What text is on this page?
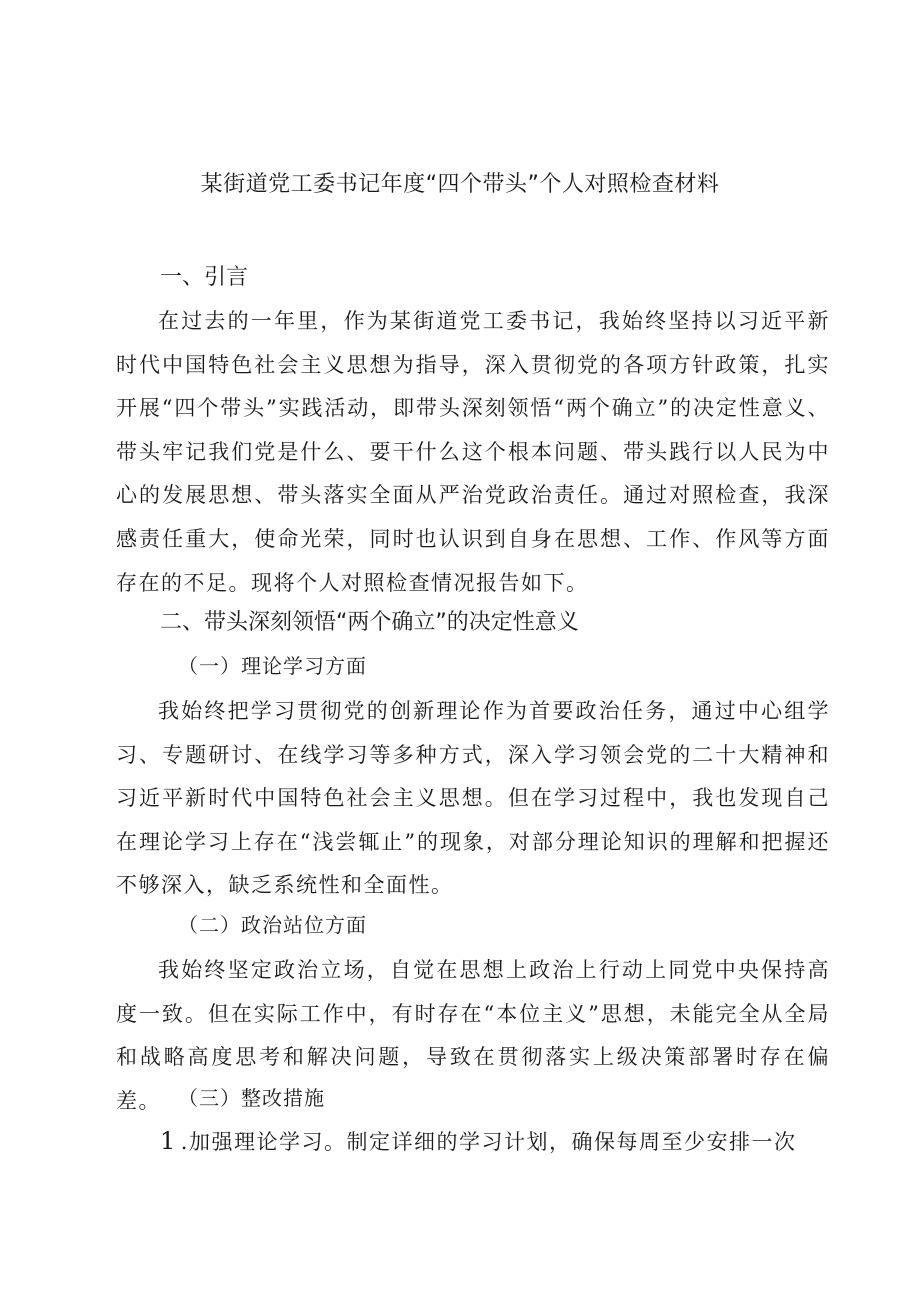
某街道党工委书记年度“四个带头”个人对照检查材料
一、引言
在过去的一年里，作为某街道党工委书记，我始终坚持以习近平新时代中国特色社会主义思想为指导，深入贯彻党的各项方针政策，扎实开展“四个带头”实践活动，即带头深刻领悟“两个确立”的决定性意义、带头牢记我们党是什么、要干什么这个根本问题、带头践行以人民为中心的发展思想、带头落实全面从严治党政治责任。通过对照检查，我深感责任重大，使命光荣，同时也认识到自身在思想、工作、作风等方面存在的不足。现将个人对照检查情况报告如下。
二、带头深刻领悟“两个确立”的决定性意义
（一）理论学习方面
我始终把学习贯彻党的创新理论作为首要政治任务，通过中心组学习、专题研讨、在线学习等多种方式，深入学习领会党的二十大精神和习近平新时代中国特色社会主义思想。但在学习过程中，我也发现自己在理论学习上存在“浅尝辄止”的现象，对部分理论知识的理解和把握还不够深入，缺乏系统性和全面性。
（二）政治站位方面
我始终坚定政治立场，自觉在思想上政治上行动上同党中央保持高度一致。但在实际工作中，有时存在“本位主义”思想，未能完全从全局和战略高度思考和解决问题，导致在贯彻落实上级决策部署时存在偏差。 （三）整改措施
1 .加强理论学习。制定详细的学习计划，确保每周至少安排一次
